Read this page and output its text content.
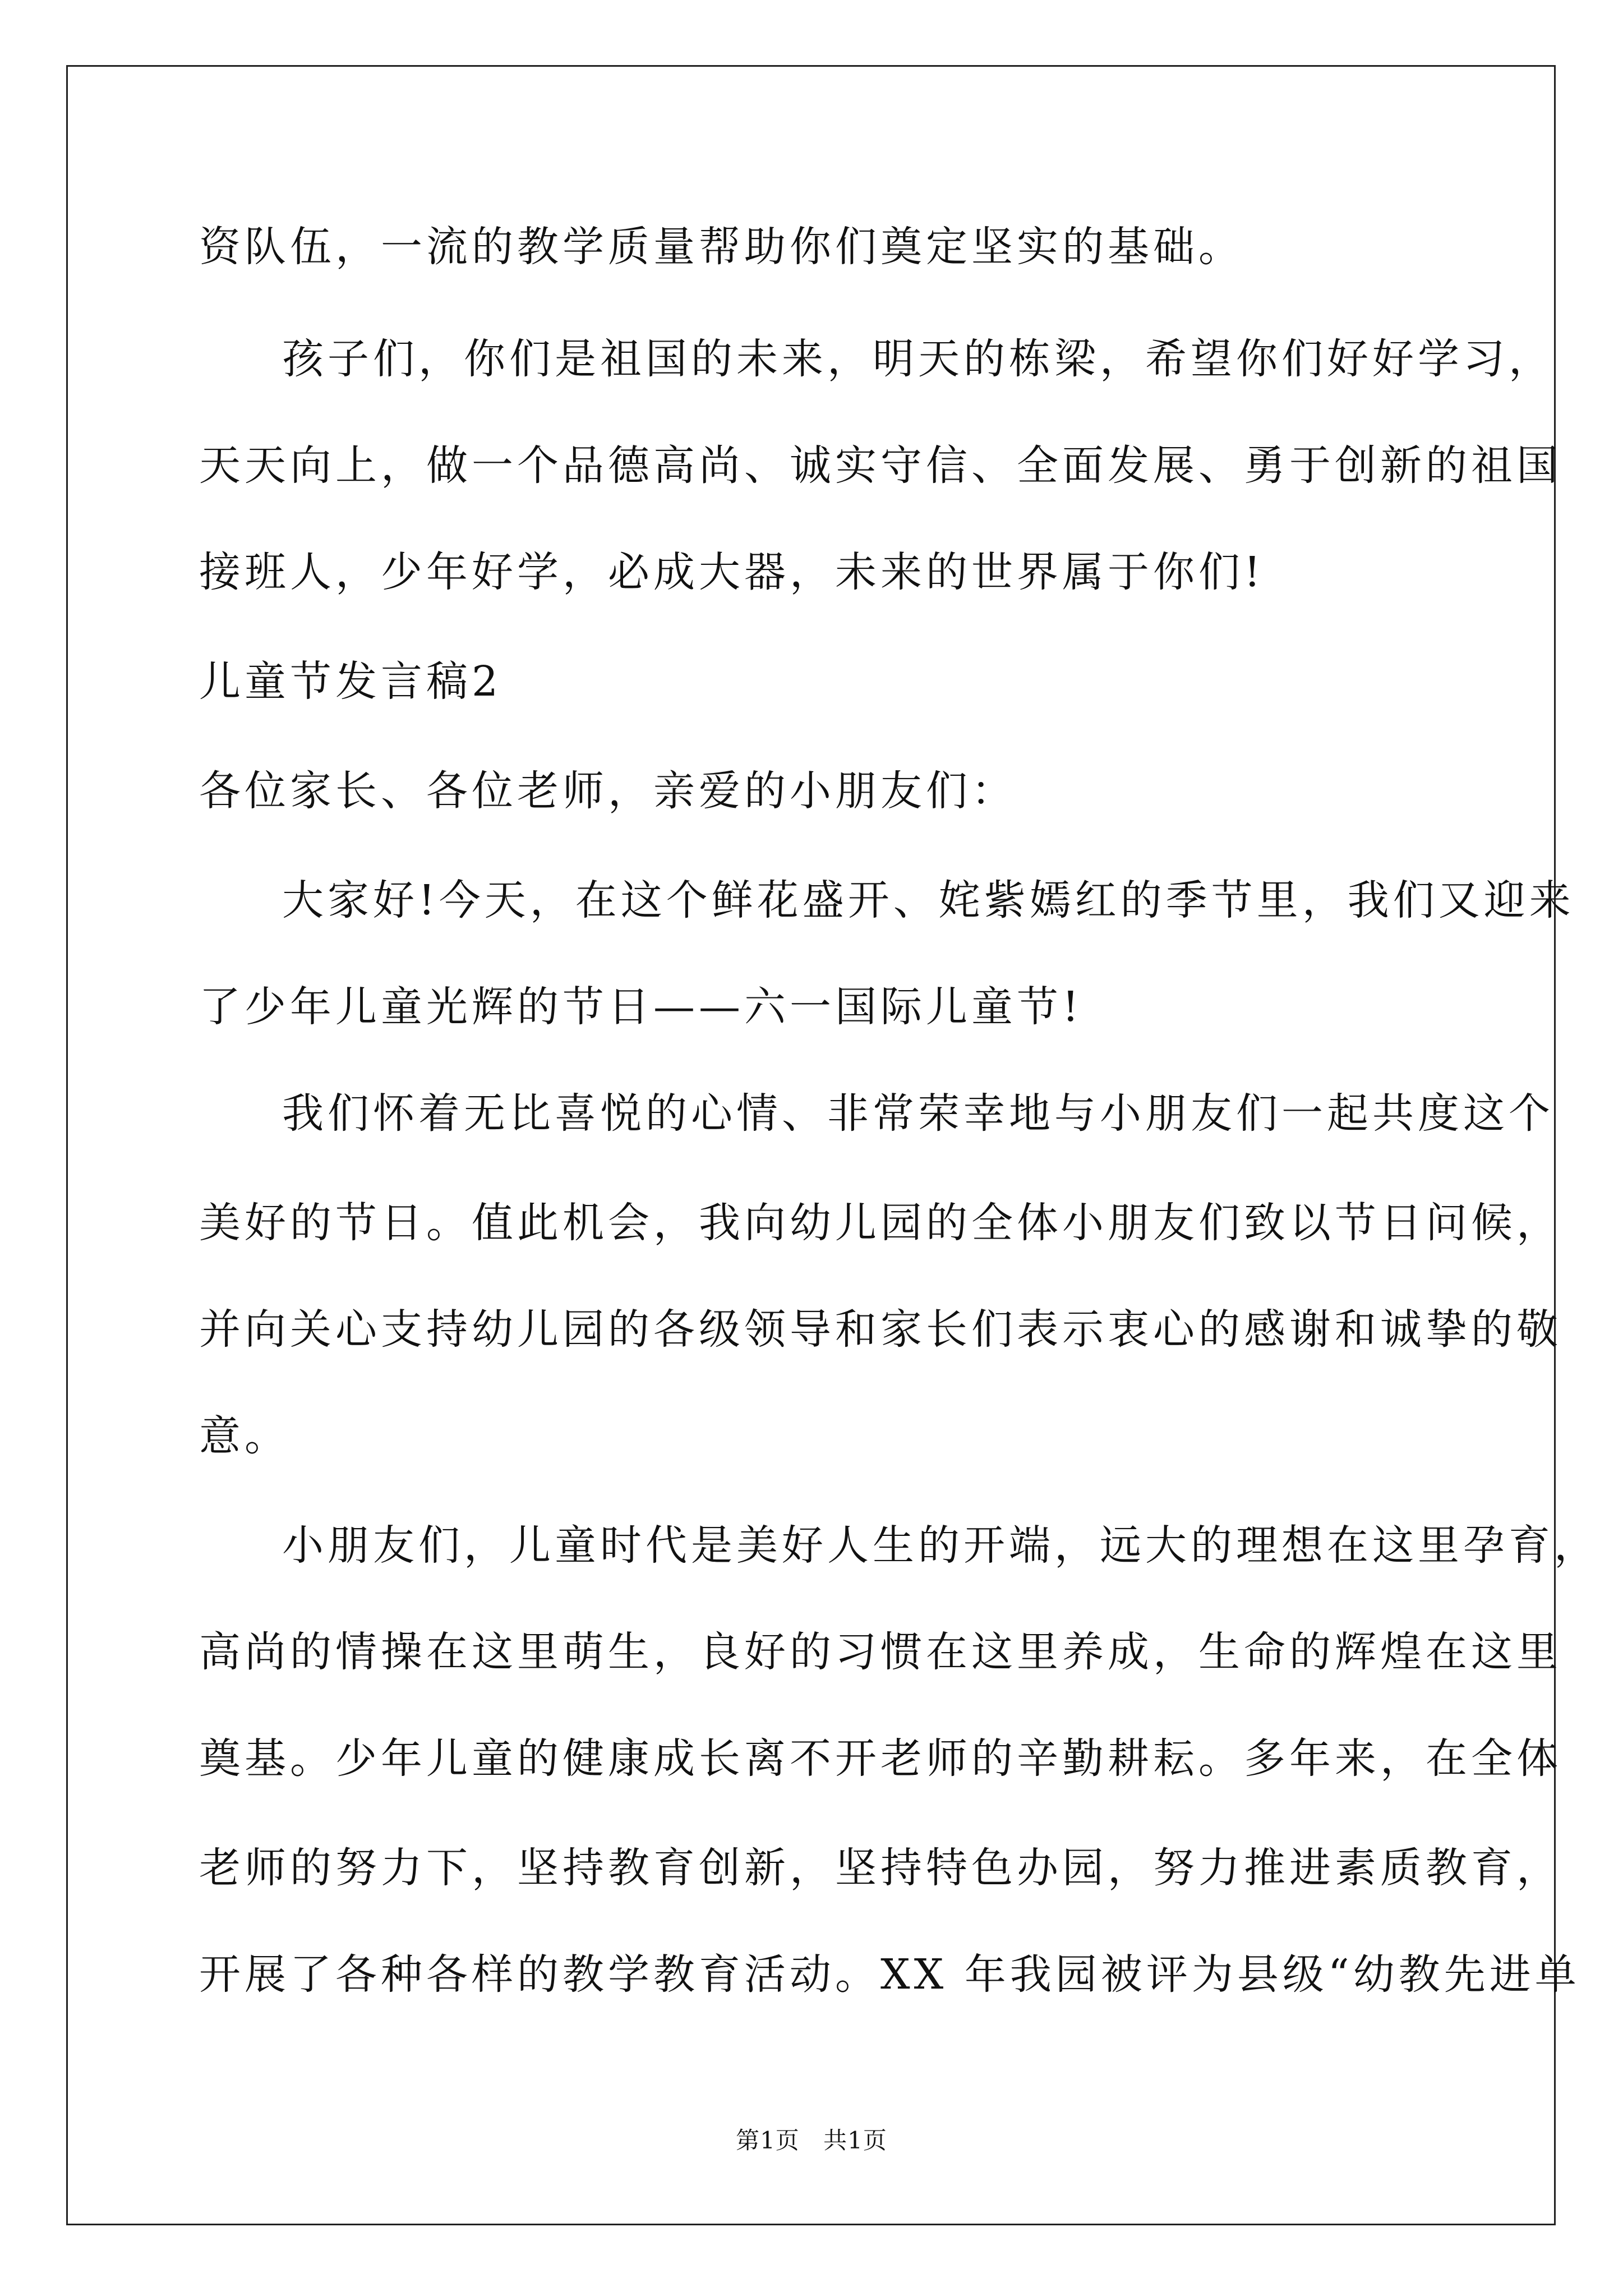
资队伍，一流的教学质量帮助你们奠定坚实的基础。
孩子们，你们是祖国的未来，明天的栋梁，希望你们好好学习，
天天向上，做一个品德高尚、诚实守信、全面发展、勇于创新的祖国
接班人，少年好学，必成大器，未来的世界属于你们!
儿童节发言稿2
各位家长、各位老师，亲爱的小朋友们：
大家好!今天，在这个鲜花盛开、姹紫嫣红的季节里，我们又迎来
了少年儿童光辉的节日——六一国际儿童节!
我们怀着无比喜悦的心情、非常荣幸地与小朋友们一起共度这个
美好的节日。值此机会，我向幼儿园的全体小朋友们致以节日问候，
并向关心支持幼儿园的各级领导和家长们表示衷心的感谢和诚挚的敬
意。
小朋友们，儿童时代是美好人生的开端，远大的理想在这里孕育，
高尚的情操在这里萌生，良好的习惯在这里养成，生命的辉煌在这里
奠基。少年儿童的健康成长离不开老师的辛勤耕耘。多年来，在全体
老师的努力下，坚持教育创新，坚持特色办园，努力推进素质教育，
开展了各种各样的教学教育活动。XX 年我园被评为县级“幼教先进单
第1页 共1页
